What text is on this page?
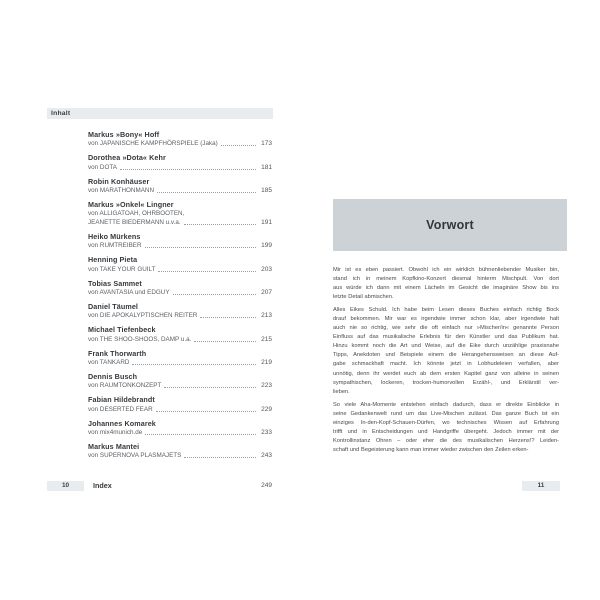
Inhalt
Markus »Bony« Hoff
von JAPANISCHE KAMPFHÖRSPIELE (Jaka)	173
Dorothea »Dota« Kehr
von DOTA	181
Robin Konhäuser
von MARATHONMANN	185
Markus »Onkel« Lingner
von ALLIGATOAH, OHRBOOTEN,
JEANETTE BIEDERMANN u.v.a.	191
Heiko Mürkens
von RUMTREIBER	199
Henning Pieta
von TAKE YOUR GUILT	203
Tobias Sammet
von AVANTASIA und EDGUY	207
Daniel Täumel
von DIE APOKALYPTISCHEN REITER	213
Michael Tiefenbeck
von THE SHOO-SHOOS, DAMP u.a.	215
Frank Thorwarth
von TANKARD	219
Dennis Busch
von RAUMTONKONZEPT	223
Fabian Hildebrandt
von DESERTED FEAR	229
Johannes Komarek
von mix4munich.de	233
Markus Mantei
von SUPERNOVA PLASMAJETS	243
10	Index	249
Vorwort
Mir ist es eben passiert. Obwohl ich ein wirklich bühnenliebender Musiker bin,
stand ich in meinem Kopfkino-Konzert diesmal hinterm Mischpult. Von dort
aus würde ich dann mit einem Lächeln im Gesicht die imaginäre Show bis ins
letzte Detail abmischen.
Alles Eikes Schuld. Ich habe beim Lesen dieses Buches einfach richtig Bock
drauf bekommen. Mir war es irgendwie immer schon klar, aber irgendwie halt
auch nie so richtig, wie sehr die oft einfach nur »Mischer/in« genannte Person
Einfluss auf das musikalische Erlebnis für den Künstler und das Publikum hat.
Hinzu kommt noch die Art und Weise, auf die Eike durch unzählige praxisnahe
Tipps, Anekdoten und Beispiele einem die Herangehensweisen an diese Auf-
gabe schmackhaft macht. Ich könnte jetzt in Lobhudeleien verfallen, aber
unnötig, denn ihr werdet euch ab dem ersten Kapitel ganz von alleine in seinen
sympathischen, lockeren, trocken-humorvollen Erzähl-, und Erklärstil ver-
lieben.
So viele Aha-Momente entstehen einfach dadurch, dass er direkte Einblicke in
seine Gedankenwelt rund um das Live-Mischen zulässt. Das ganze Buch ist ein
einziges In-den-Kopf-Schauen-Dürfen, wo technisches Wissen auf Erfahrung
trifft und in Entscheidungen und Handgriffe übergeht. Jedoch immer mit der
Kontrollinstanz Ohren – oder eher die des musikalischen Herzens!? Leiden-
schaft und Begeisterung kann man immer wieder zwischen den Zeilen erken-
11
